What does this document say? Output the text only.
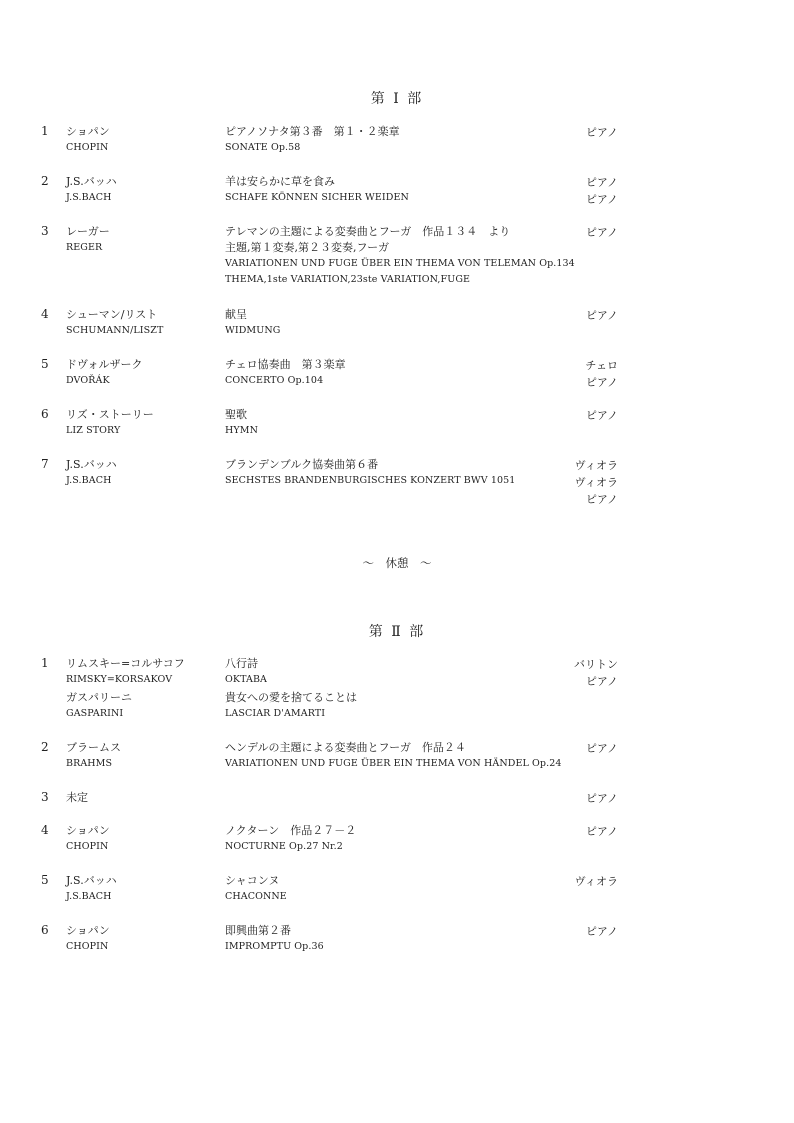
第 Ⅰ 部
1 ショパン
CHOPIN
ピアノソナタ第３番　第１・２楽章
SONATE Op.58
ピアノ
2 J.S.バッハ
J.S.BACH
羊は安らかに草を食み
SCHAFE KÖNNEN SICHER WEIDEN
ピアノ
ピアノ
3 レーガー
REGER
テレマンの主題による変奏曲とフーガ　作品１３４　より
主題,第１変奏,第２３変奏,フーガ
VARIATIONEN UND FUGE ÜBER EIN THEMA VON TELEMAN Op.134
THEMA,1ste VARIATION,23ste VARIATION,FUGE
ピアノ
4 シューマン/リスト
SCHUMANN/LISZT
献呈
WIDMUNG
ピアノ
5 ドヴォルザーク
DVOŘÁK
チェロ協奏曲　第３楽章
CONCERTO Op.104
チェロ
ピアノ
6 リズ・ストーリー
LIZ STORY
聖歌
HYMN
ピアノ
7 J.S.バッハ
J.S.BACH
ブランデンブルク協奏曲第６番
SECHSTES BRANDENBURGISCHES KONZERT BWV 1051
ヴィオラ
ヴィオラ
ピアノ
～　休憩　～
第 Ⅱ 部
1 リムスキー=コルサコフ
RIMSKY=KORSAKOV
八行詩
OKTABA
バリトン
ピアノ
ガスパリーニ
GASPARINI
貴女への愛を捨てることは
LASCIAR D'AMARTI
2 ブラームス
BRAHMS
ヘンデルの主題による変奏曲とフーガ　作品２４
VARIATIONEN UND FUGE ÜBER EIN THEMA VON HÄNDEL Op.24
ピアノ
3 未定	ピアノ
4 ショパン
CHOPIN
ノクターン　作品２７－２
NOCTURNE Op.27 Nr.2
ピアノ
5 J.S.バッハ
J.S.BACH
シャコンヌ
CHACONNE
ヴィオラ
6 ショパン
CHOPIN
即興曲第２番
IMPROMPTU Op.36
ピアノ
